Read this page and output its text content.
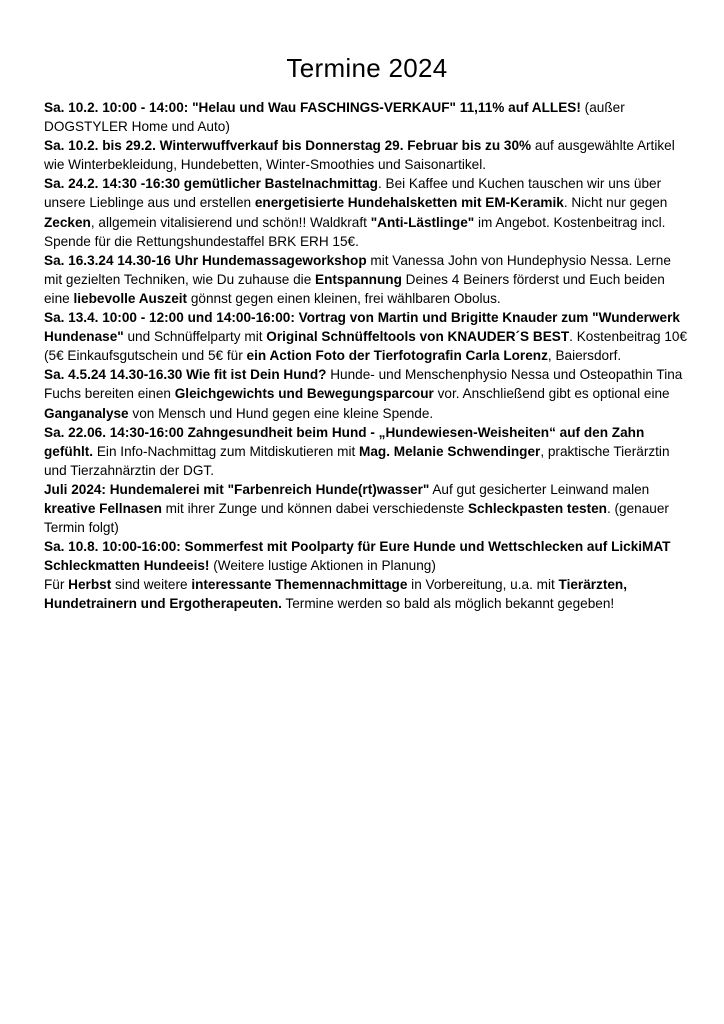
Termine 2024

Sa. 10.2. 10:00 - 14:00: "Helau und Wau FASCHINGS-VERKAUF" 11,11% auf ALLES! (außer DOGSTYLER Home und Auto)

Sa. 10.2. bis 29.2. Winterwuffverkauf bis Donnerstag 29. Februar bis zu 30% auf ausgewählte Artikel wie Winterbekleidung, Hundebetten, Winter-Smoothies und Saisonartikel.

Sa. 24.2. 14:30 -16:30 gemütlicher Bastelnachmittag. Bei Kaffee und Kuchen tauschen wir uns über unsere Lieblinge aus und erstellen energetisierte Hundehalsketten mit EM-Keramik. Nicht nur gegen Zecken, allgemein vitalisierend und schön!! Waldkraft "Anti-Lästlinge" im Angebot. Kostenbeitrag incl. Spende für die Rettungshundestaffel BRK ERH 15€.

Sa. 16.3.24 14.30-16 Uhr Hundemassageworkshop mit Vanessa John von Hundephysio Nessa. Lerne mit gezielten Techniken, wie Du zuhause die Entspannung Deines 4 Beiners förderst und Euch beiden eine liebevolle Auszeit gönnst gegen einen kleinen, frei wählbaren Obolus.

Sa. 13.4. 10:00 - 12:00 und 14:00-16:00: Vortrag von Martin und Brigitte Knauder zum "Wunderwerk Hundenase" und Schnüffelparty mit Original Schnüffeltools von KNAUDER´S BEST. Kostenbeitrag 10€ (5€ Einkaufsgutschein und 5€ für ein Action Foto der Tierfotografin Carla Lorenz, Baiersdorf.

Sa. 4.5.24 14.30-16.30 Wie fit ist Dein Hund? Hunde- und Menschenphysio Nessa und Osteopathin Tina Fuchs bereiten einen Gleichgewichts und Bewegungsparcour vor. Anschließend gibt es optional eine Ganganalyse von Mensch und Hund gegen eine kleine Spende.

Sa. 22.06. 14:30-16:00 Zahngesundheit beim Hund - „Hundewiesen-Weisheiten“ auf den Zahn gefühlt. Ein Info-Nachmittag zum Mitdiskutieren mit Mag. Melanie Schwendinger, praktische Tierärztin und Tierzahnärztin der DGT.

Juli 2024: Hundemalerei mit "Farbenreich Hunde(rt)wasser" Auf gut gesicherter Leinwand malen kreative Fellnasen mit ihrer Zunge und können dabei verschiedenste Schleckpasten testen. (genauer Termin folgt)

Sa. 10.8. 10:00-16:00: Sommerfest mit Poolparty für Eure Hunde und Wettschlecken auf LickiMAT Schleckmatten Hundeeis! (Weitere lustige Aktionen in Planung)

Für Herbst sind weitere interessante Themennachmittage in Vorbereitung, u.a. mit Tierärzten, Hundetrainern und Ergotherapeuten. Termine werden so bald als möglich bekannt gegeben!
